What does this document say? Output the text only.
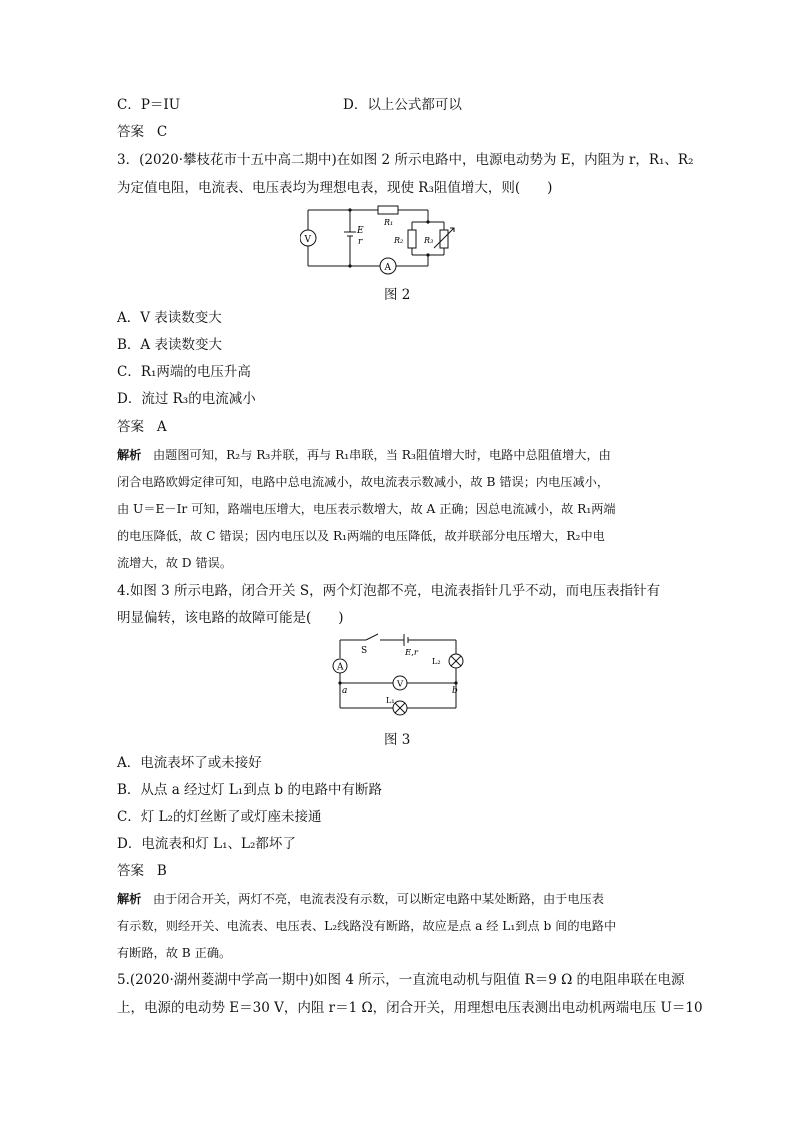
C．P＝IU	D．以上公式都可以
答案 C
3．(2020·攀枝花市十五中高二期中)在如图 2 所示电路中，电源电动势为 E，内阻为 r，R₁、R₂
为定值电阻，电流表、电压表均为理想电表，现使 R₃阻值增大，则(　　)
V
A
E
r
R₁
R₂	R₃
图 2
A．V 表读数变大
B．A 表读数变大
C．R₁两端的电压升高
D．流过 R₃的电流减小
答案 A
解析 由题图可知，R₂与 R₃并联，再与 R₁串联，当 R₃阻值增大时，电路中总阻值增大，由
闭合电路欧姆定律可知，电路中总电流减小，故电流表示数减小，故 B 错误；内电压减小，
由 U＝E－Ir 可知，路端电压增大，电压表示数增大，故 A 正确；因总电流减小，故 R₁两端
的电压降低，故 C 错误；因内电压以及 R₁两端的电压降低，故并联部分电压增大，R₂中电
流增大，故 D 错误。
4.如图 3 所示电路，闭合开关 S，两个灯泡都不亮，电流表指针几乎不动，而电压表指针有
明显偏转，该电路的故障可能是(　　)
A
V
S	E,r
L₂
L₁
a	b
图 3
A．电流表坏了或未接好
B．从点 a 经过灯 L₁到点 b 的电路中有断路
C．灯 L₂的灯丝断了或灯座未接通
D．电流表和灯 L₁、L₂都坏了
答案 B
解析 由于闭合开关，两灯不亮，电流表没有示数，可以断定电路中某处断路，由于电压表
有示数，则经开关、电流表、电压表、L₂线路没有断路，故应是点 a 经 L₁到点 b 间的电路中
有断路，故 B 正确。
5.(2020·湖州菱湖中学高一期中)如图 4 所示，一直流电动机与阻值 R＝9 Ω 的电阻串联在电源
上，电源的电动势 E＝30 V，内阻 r＝1 Ω，闭合开关，用理想电压表测出电动机两端电压 U＝10
